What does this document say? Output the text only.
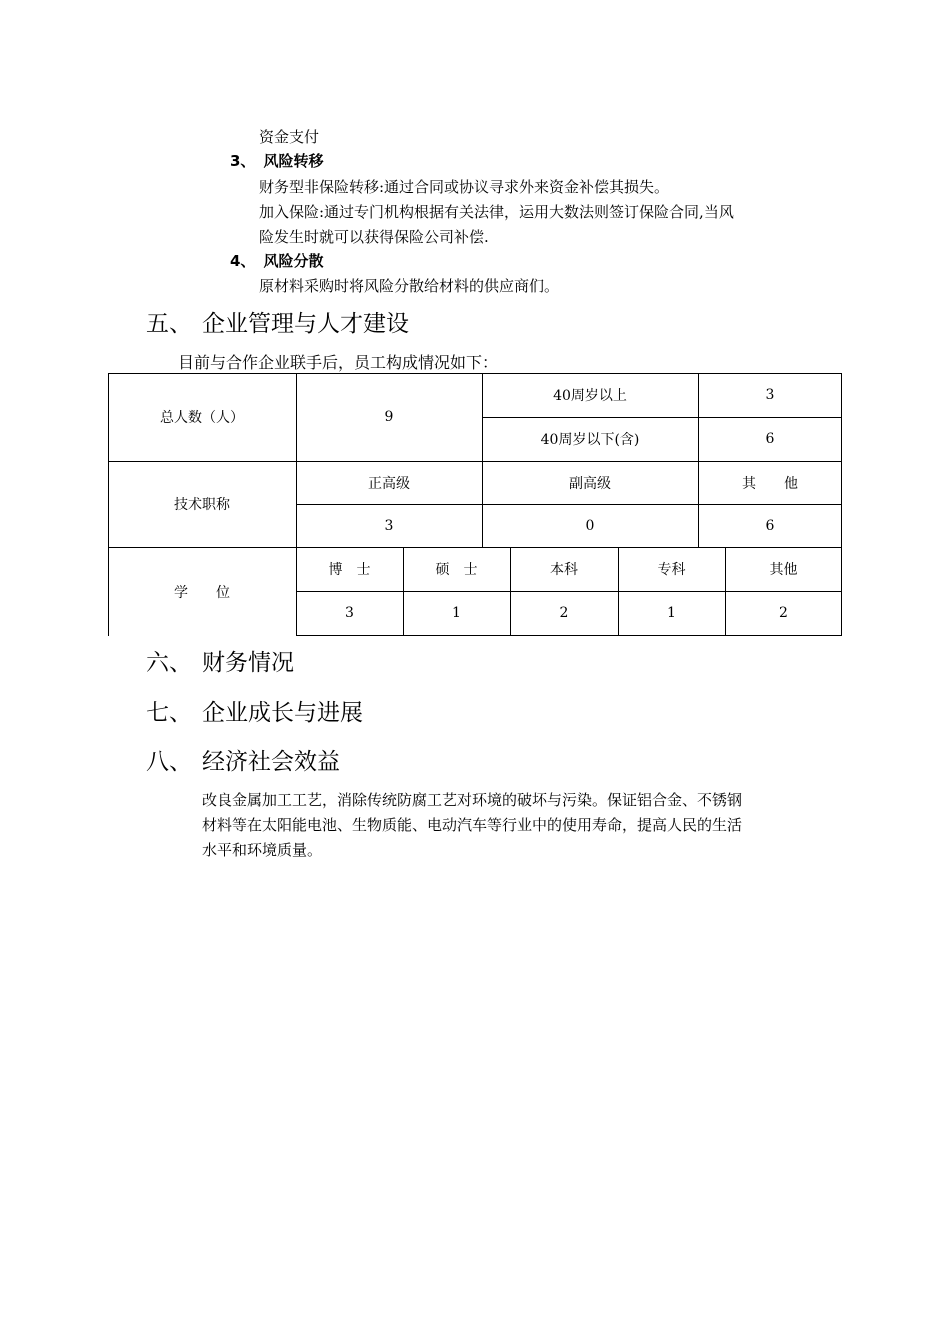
资金支付
3、 风险转移
财务型非保险转移:通过合同或协议寻求外来资金补偿其损失。
加入保险:通过专门机构根据有关法律，运用大数法则签订保险合同,当风
险发生时就可以获得保险公司补偿.
4、 风险分散
原材料采购时将风险分散给材料的供应商们。
五、 企业管理与人才建设
目前与合作企业联手后，员工构成情况如下：
总人数（人）	9
40周岁以上	3
40周岁以下(含)	6
技术职称
正高级	副高级	其　　他
3	0	6
学　　位
博　士	硕　士	本科	专科	其他
3	1	2	1	2
六、 财务情况
七、 企业成长与进展
八、 经济社会效益
改良金属加工工艺，消除传统防腐工艺对环境的破坏与污染。保证铝合金、不锈钢
材料等在太阳能电池、生物质能、电动汽车等行业中的使用寿命，提高人民的生活
水平和环境质量。
